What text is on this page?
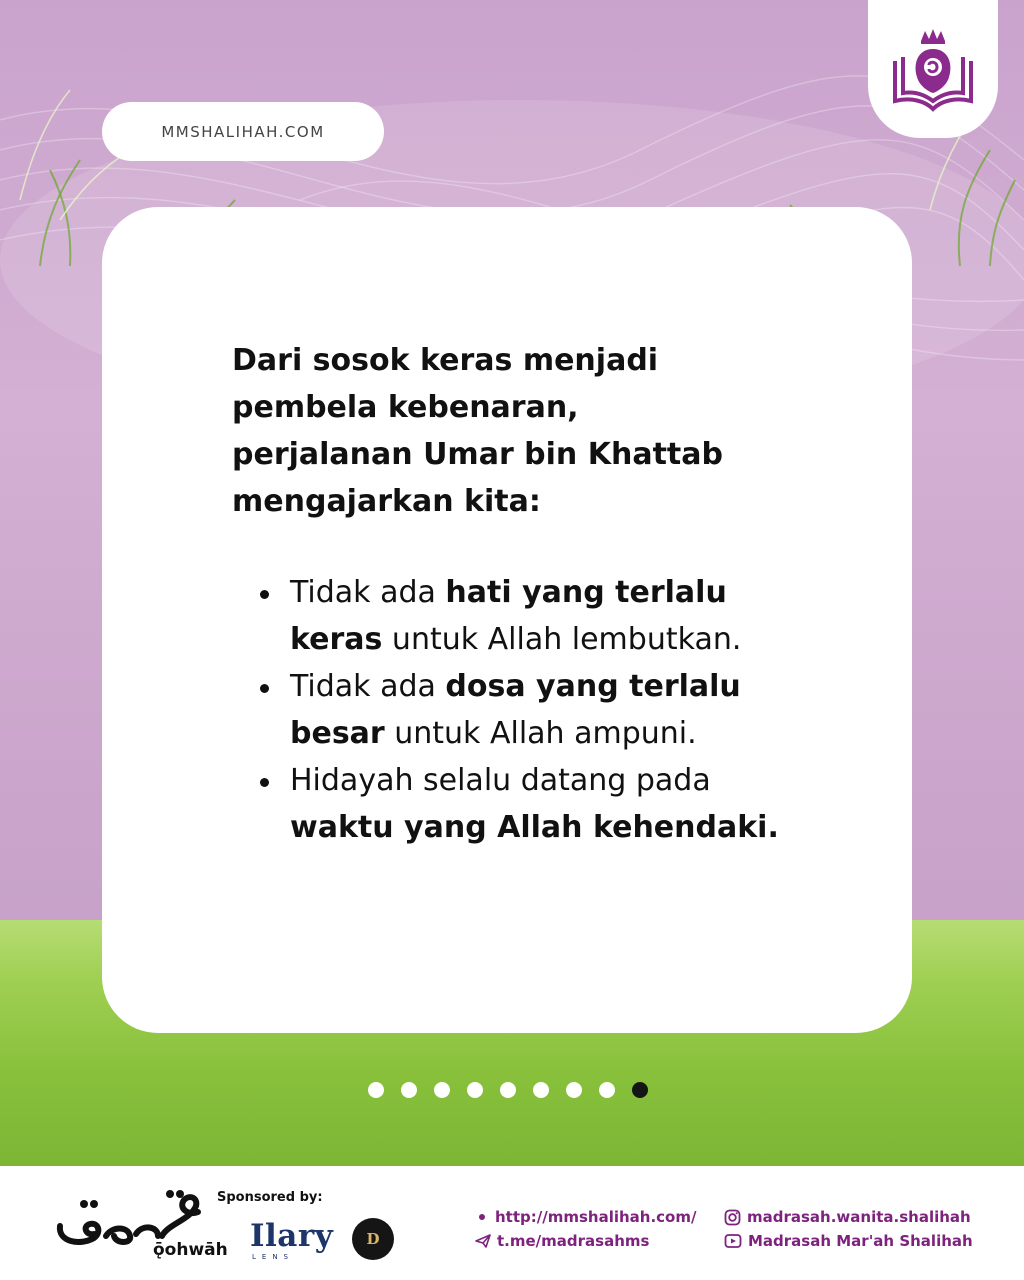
MMSHALIHAH.COM
Dari sosok keras menjadi
pembela kebenaran,
perjalanan Umar bin Khattab
mengajarkan kita:
Tidak ada hati yang terlalu keras untuk Allah lembutkan.
Tidak ada dosa yang terlalu besar untuk Allah ampuni.
Hidayah selalu datang pada waktu yang Allah kehendaki.
ǭohwāh
Sponsored by:
Ilary
LENS
D
http://mmshalihah.com/
t.me/madrasahms
madrasah.wanita.shalihah
Madrasah Mar'ah Shalihah
